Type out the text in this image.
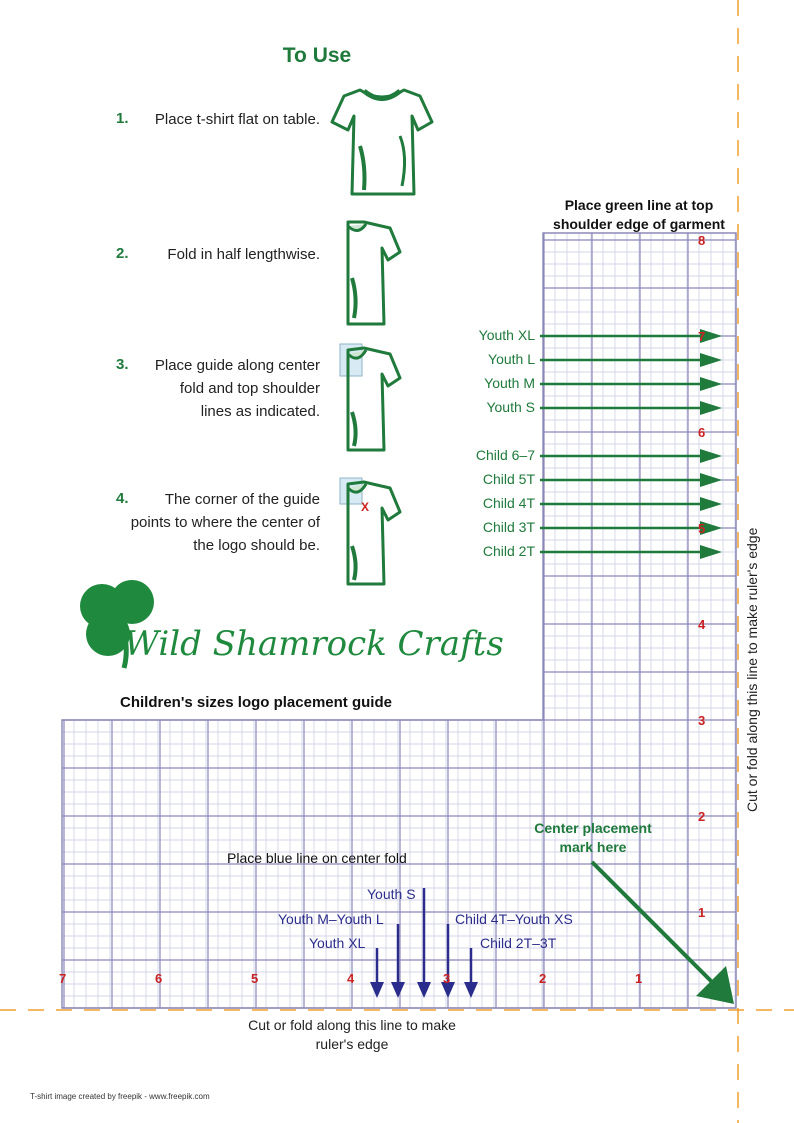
To Use
1.	Place t-shirt flat on table.
2.	Fold in half lengthwise.
3.	Place guide along center fold and top shoulder lines as indicated.
4.	The corner of the guide points to where the center of the logo should be.
X
Wild Shamrock Crafts
Children's sizes logo placement guide
Place green line at top shoulder edge of garment
Youth XL
Youth L
Youth M
Youth S
Child 6–7
Child 5T
Child 4T
Child 3T
Child 2T
8
7
6
5
4
3
2
1
7	6	5	4	3	2	1
Place blue line on center fold
Youth XL
Youth M–Youth L
Youth S
Child 4T–Youth XS
Child 2T–3T
Center placement mark here
Cut or fold along this line to make ruler's edge
Cut or fold along this line to make ruler's edge
T-shirt image created by freepik - www.freepik.com
